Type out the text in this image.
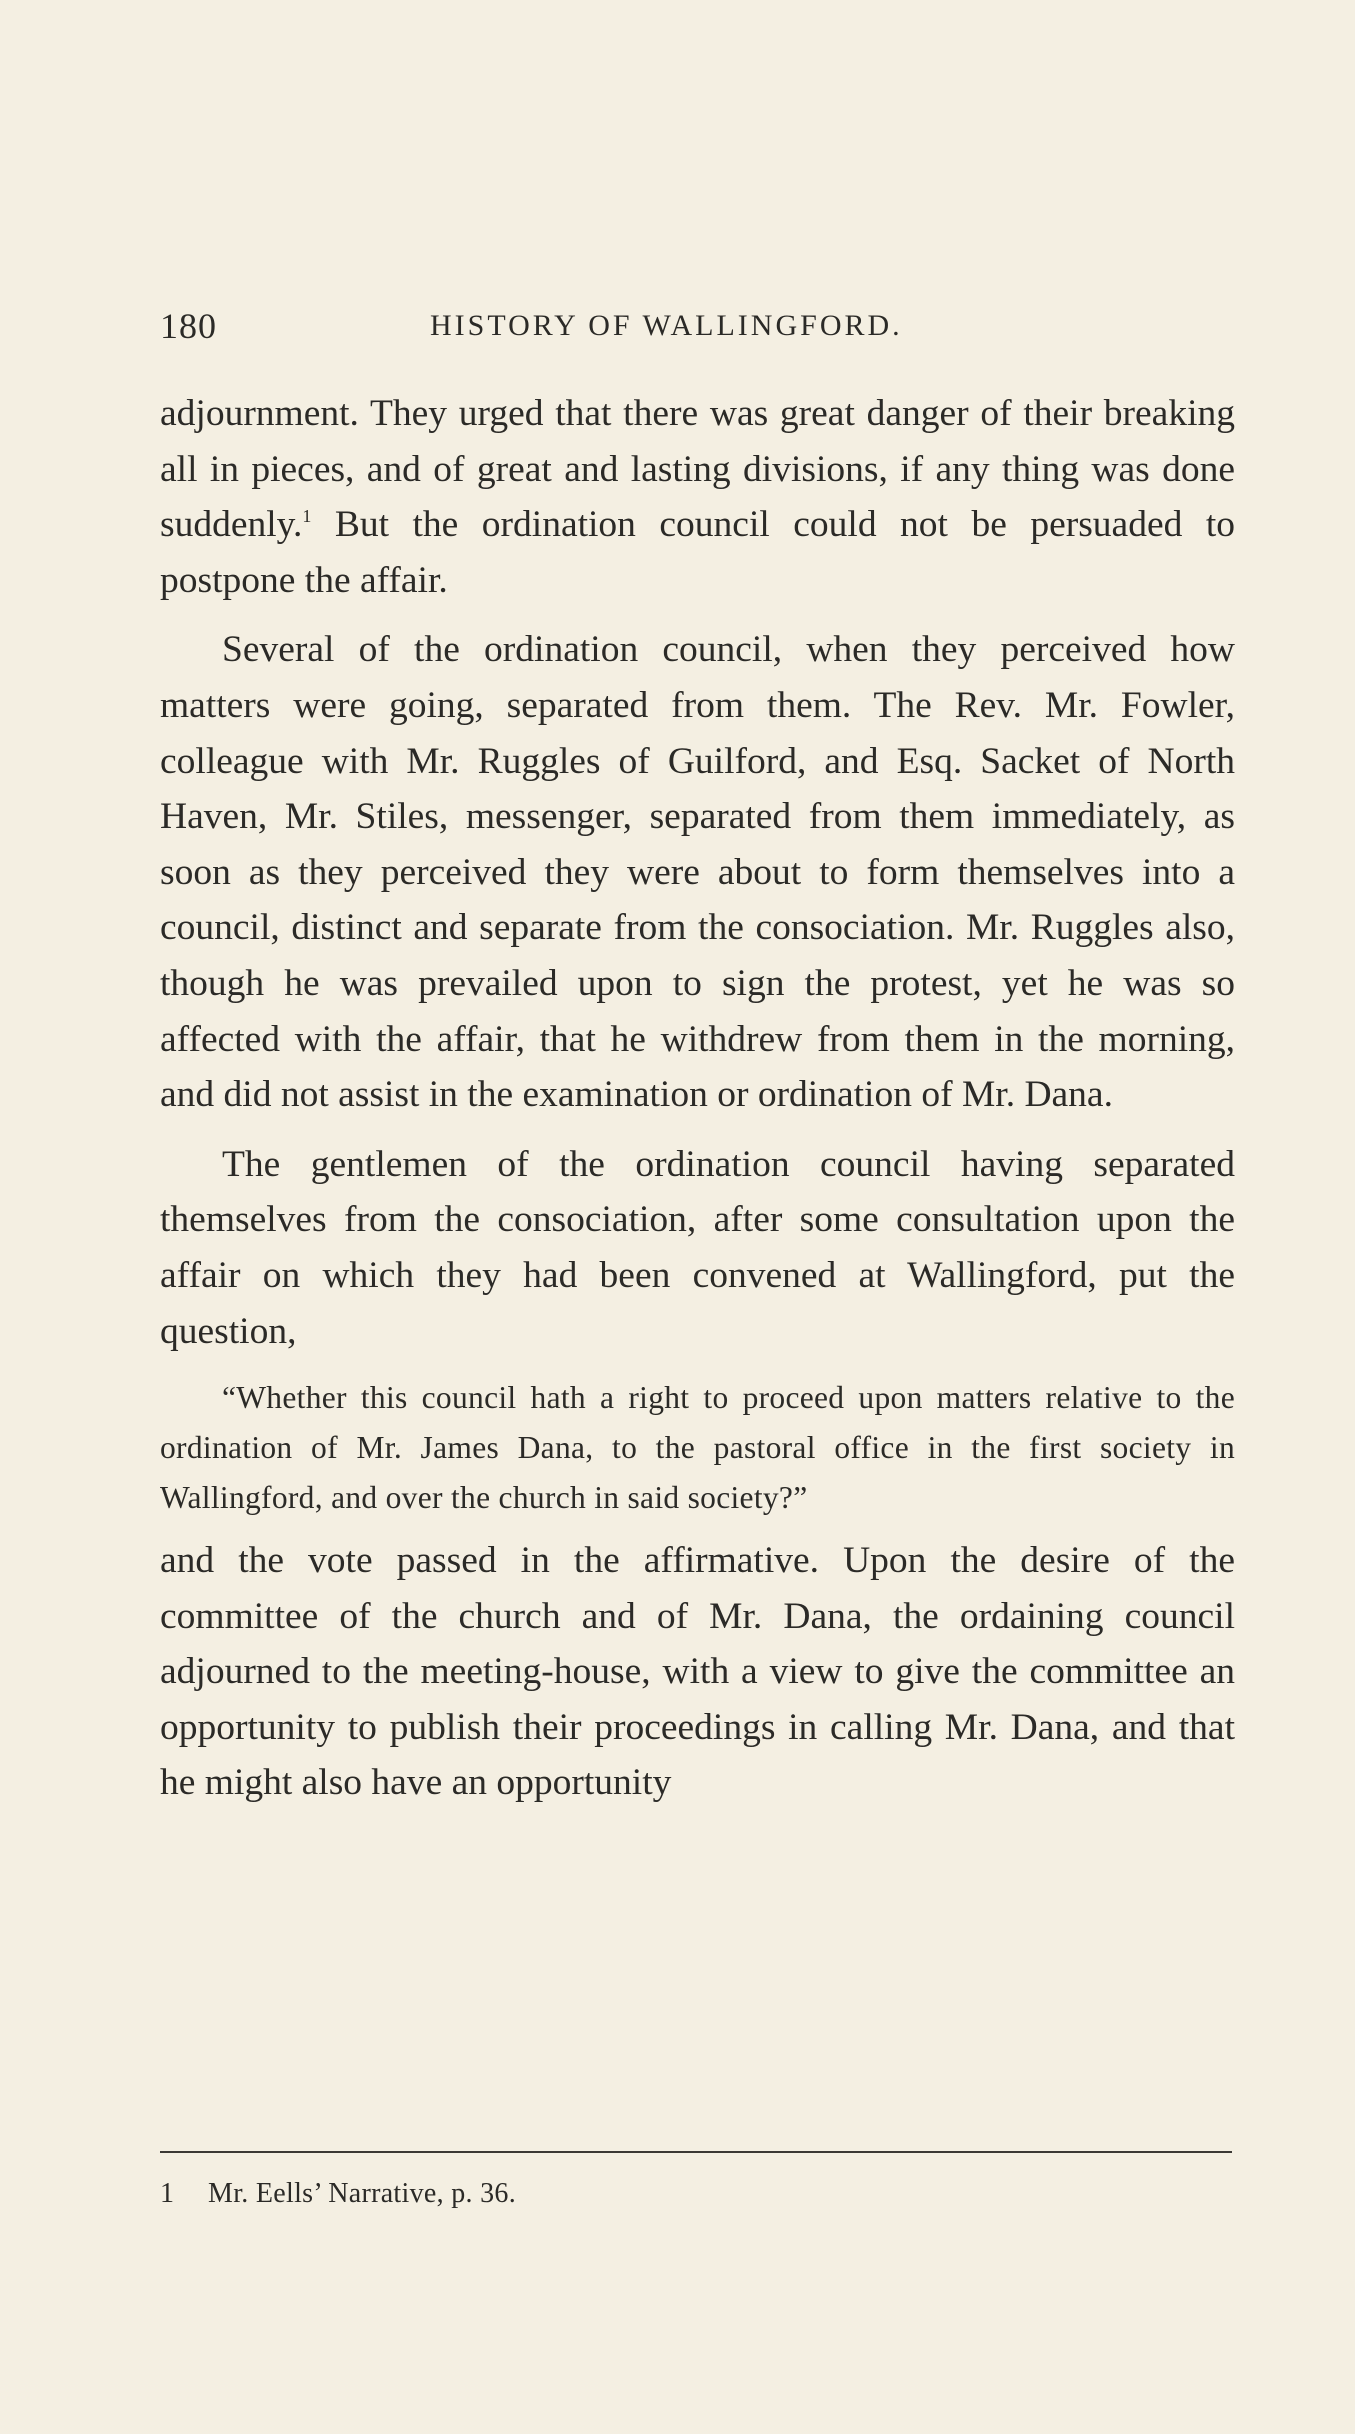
180	HISTORY OF WALLINGFORD.

adjournment. They urged that there was great danger of their breaking all in pieces, and of great and lasting divisions, if any thing was done suddenly.$^1$ But the ordination council could not be persuaded to postpone the affair.

Several of the ordination council, when they perceived how matters were going, separated from them. The Rev. Mr. Fowler, colleague with Mr. Ruggles of Guilford, and Esq. Sacket of North Haven, Mr. Stiles, messenger, separated from them immediately, as soon as they perceived they were about to form themselves into a council, distinct and separate from the consociation. Mr. Ruggles also, though he was prevailed upon to sign the protest, yet he was so affected with the affair, that he withdrew from them in the morning, and did not assist in the examination or ordination of Mr. Dana.

The gentlemen of the ordination council having separated themselves from the consociation, after some consultation upon the affair on which they had been convened at Wallingford, put the question,

“Whether this council hath a right to proceed upon matters relative to the ordination of Mr. James Dana, to the pastoral office in the first society in Wallingford, and over the church in said society?”

and the vote passed in the affirmative. Upon the desire of the committee of the church and of Mr. Dana, the ordaining council adjourned to the meeting-house, with a view to give the committee an opportunity to publish their proceedings in calling Mr. Dana, and that he might also have an opportunity

1 Mr. Eells’ Narrative, p. 36.
